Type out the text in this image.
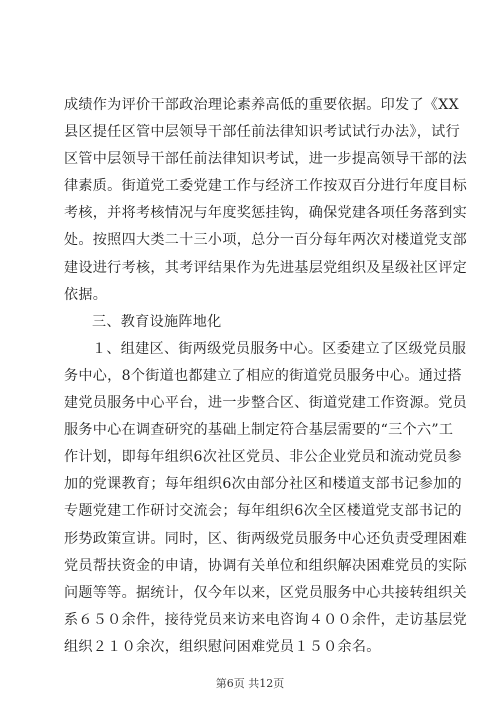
成绩作为评价干部政治理论素养高低的重要依据。印发了《XX
县区提任区管中层领导干部任前法律知识考试试行办法》，试行
区管中层领导干部任前法律知识考试，进一步提高领导干部的法
律素质。街道党工委党建工作与经济工作按双百分进行年度目标
考核，并将考核情况与年度奖惩挂钩，确保党建各项任务落到实
处。按照四大类二十三小项，总分一百分每年两次对楼道党支部
建设进行考核，其考评结果作为先进基层党组织及星级社区评定
依据。
三、教育设施阵地化
１、组建区、街两级党员服务中心。区委建立了区级党员服
务中心，8个街道也都建立了相应的街道党员服务中心。通过搭
建党员服务中心平台，进一步整合区、街道党建工作资源。党员
服务中心在调查研究的基础上制定符合基层需要的“三个六”工
作计划，即每年组织6次社区党员、非公企业党员和流动党员参
加的党课教育；每年组织6次由部分社区和楼道支部书记参加的
专题党建工作研讨交流会；每年组织6次全区楼道党支部书记的
形势政策宣讲。同时，区、街两级党员服务中心还负责受理困难
党员帮扶资金的申请，协调有关单位和组织解决困难党员的实际
问题等等。据统计，仅今年以来，区党员服务中心共接转组织关
系６５０余件，接待党员来访来电咨询４００余件，走访基层党
组织２１０余次，组织慰问困难党员１５０余名。
第6页 共12页
